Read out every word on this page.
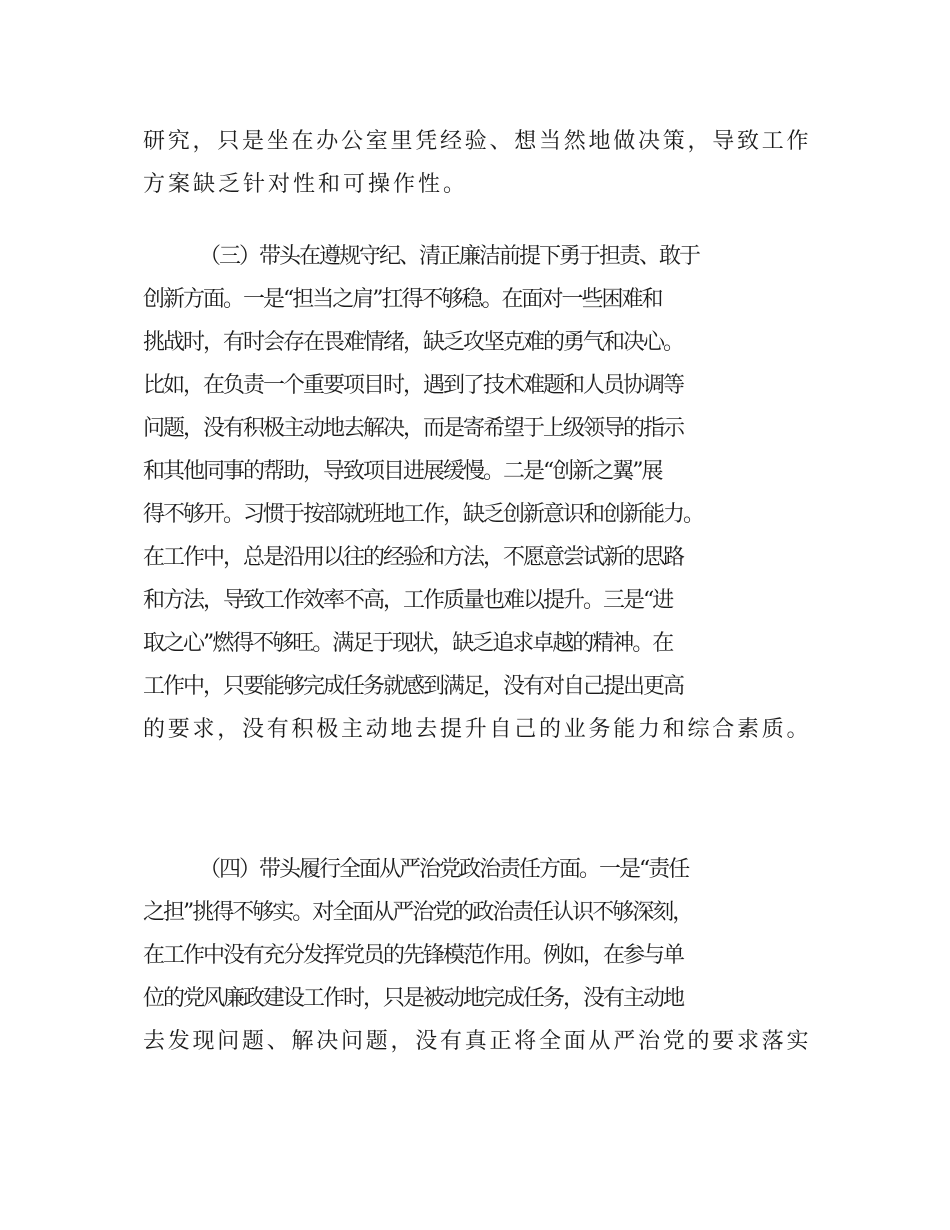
研究，只是坐在办公室里凭经验、想当然地做决策，导致工作
方案缺乏针对性和可操作性。
（三）带头在遵规守纪、清正廉洁前提下勇于担责、敢于
创新方面。一是“担当之肩”扛得不够稳。在面对一些困难和
挑战时，有时会存在畏难情绪，缺乏攻坚克难的勇气和决心。
比如，在负责一个重要项目时，遇到了技术难题和人员协调等
问题，没有积极主动地去解决，而是寄希望于上级领导的指示
和其他同事的帮助，导致项目进展缓慢。二是“创新之翼”展
得不够开。习惯于按部就班地工作，缺乏创新意识和创新能力。
在工作中，总是沿用以往的经验和方法，不愿意尝试新的思路
和方法，导致工作效率不高，工作质量也难以提升。三是“进
取之心”燃得不够旺。满足于现状，缺乏追求卓越的精神。在
工作中，只要能够完成任务就感到满足，没有对自己提出更高
的要求，没有积极主动地去提升自己的业务能力和综合素质。
（四）带头履行全面从严治党政治责任方面。一是“责任
之担”挑得不够实。对全面从严治党的政治责任认识不够深刻，
在工作中没有充分发挥党员的先锋模范作用。例如，在参与单
位的党风廉政建设工作时，只是被动地完成任务，没有主动地
去发现问题、解决问题，没有真正将全面从严治党的要求落实
